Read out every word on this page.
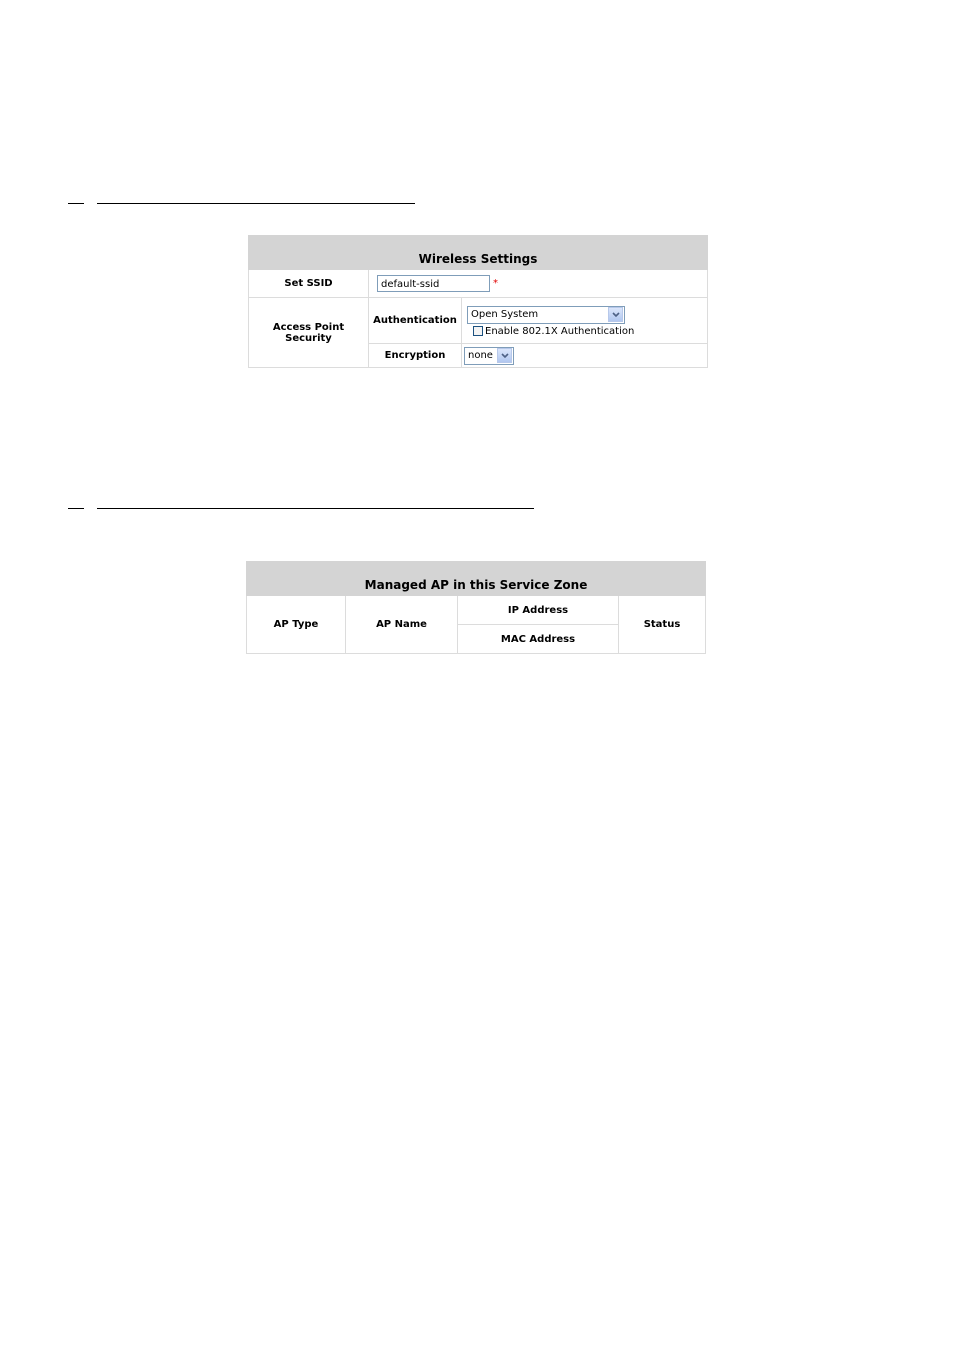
Wireless Settings		
Set SSID	default-ssid *	
Access Point Security	Authentication	Open System
Enable 802.1X Authentication

	Encryption	none
Managed AP in this Service Zone
AP Type	AP Name	IP Address	Status
MAC Address
